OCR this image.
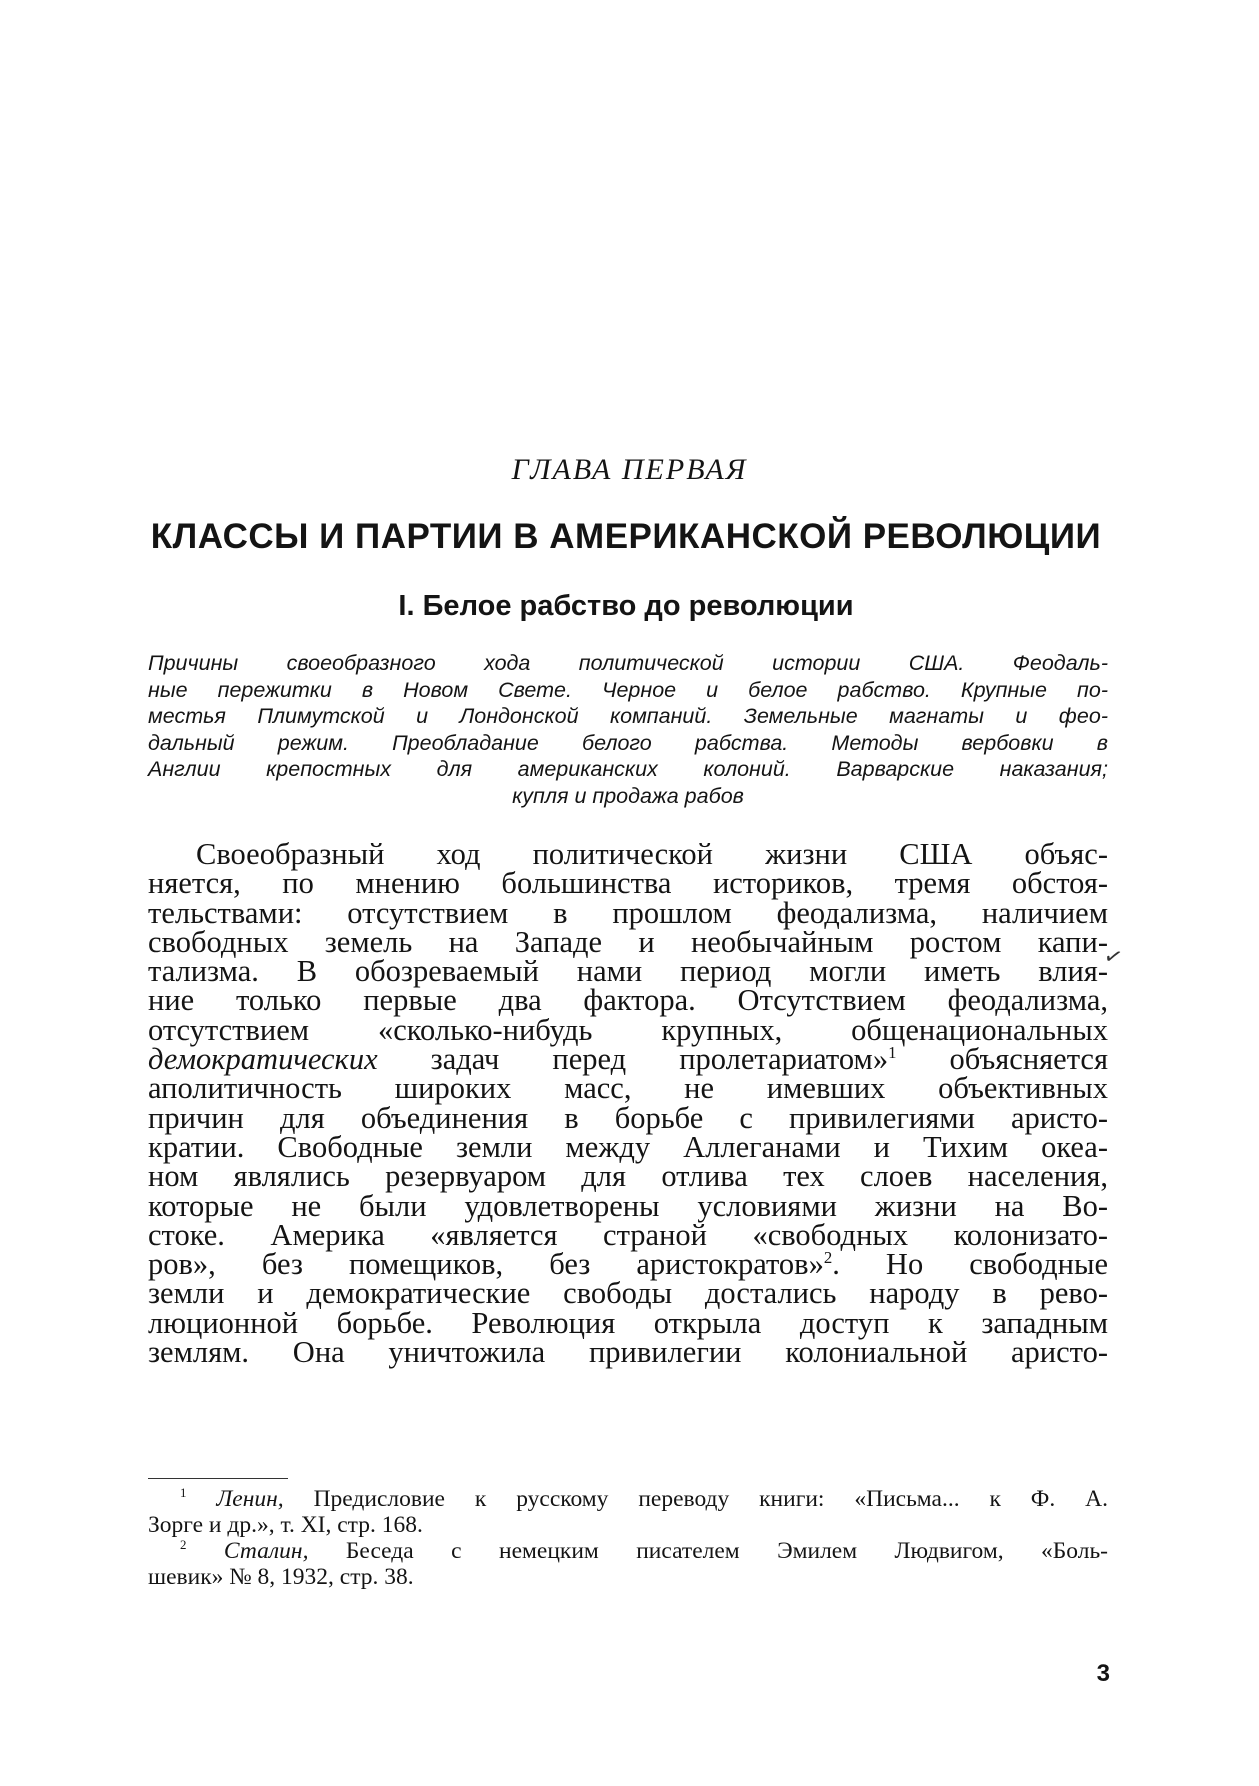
ГЛАВА ПЕРВАЯ
КЛАССЫ И ПАРТИИ В АМЕРИКАНСКОЙ РЕВОЛЮЦИИ
I. Белое рабство до революции
Причины своеобразного хода политической истории США. Феодаль-
ные пережитки в Новом Свете. Черное и белое рабство. Крупные по-
местья Плимутской и Лондонской компаний. Земельные магнаты и фео-
дальный режим. Преобладание белого рабства. Методы вербовки в
Англии крепостных для американских колоний. Варварские наказания;
купля и продажа рабов
Своеобразный ход политической жизни США объяс-
няется, по мнению большинства историков, тремя обстоя-
тельствами: отсутствием в прошлом феодализма, наличием
свободных земель на Западе и необычайным ростом капи-
тализма. В обозреваемый нами период могли иметь влия-
ние только первые два фактора. Отсутствием феодализма,
отсутствием «сколько-нибудь крупных, общенациональных
демократических задач перед пролетариатом»$^1$ объясняется
аполитичность широких масс, не имевших объективных
причин для объединения в борьбе с привилегиями аристо-
кратии. Свободные земли между Аллеганами и Тихим океа-
ном являлись резервуаром для отлива тех слоев населения,
которые не были удовлетворены условиями жизни на Во-
стоке. Америка «является страной «свободных колонизато-
ров», без помещиков, без аристократов»$^2$. Но свободные
земли и демократические свободы достались народу в рево-
люционной борьбе. Революция открыла доступ к западным
землям. Она уничтожила привилегии колониальной аристо-
✓
$^1$ Ленин, Предисловие к русскому переводу книги: «Письма... к Ф. А.
Зорге и др.», т. XI, стр. 168.
$^2$ Сталин, Беседа с немецким писателем Эмилем Людвигом, «Боль-
шевик» № 8, 1932, стр. 38.
3
